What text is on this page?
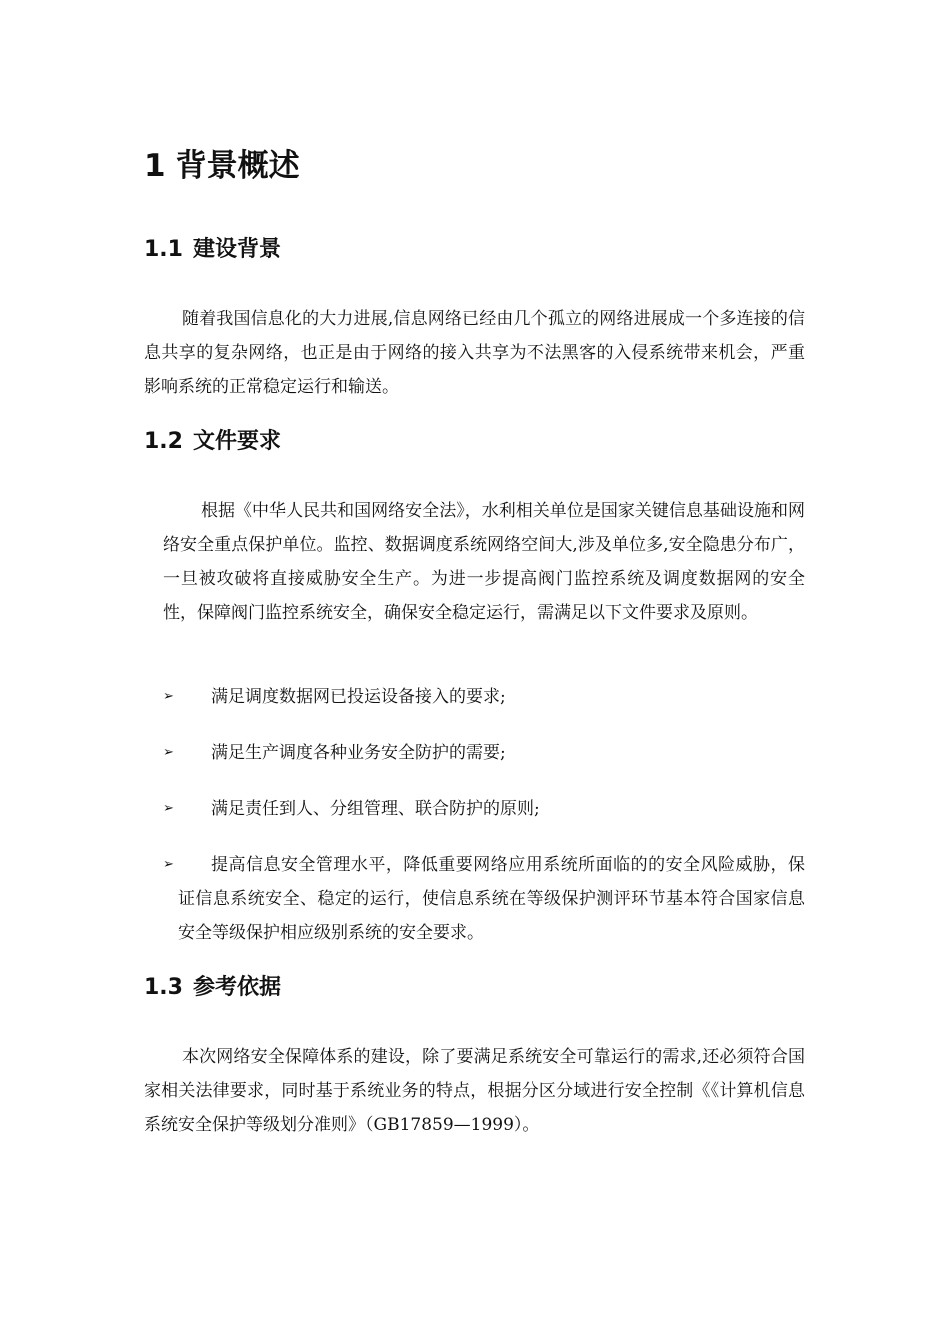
1 背景概述
1.1 建设背景

随着我国信息化的大力进展,信息网络已经由几个孤立的网络进展成一个多连接的信息共享的复杂网络，也正是由于网络的接入共享为不法黑客的入侵系统带来机会，严重影响系统的正常稳定运行和输送。

1.2 文件要求

根据《中华人民共和国网络安全法》，水利相关单位是国家关键信息基础设施和网络安全重点保护单位。监控、数据调度系统网络空间大,涉及单位多,安全隐患分布广，一旦被攻破将直接威胁安全生产。为进一步提高阀门监控系统及调度数据网的安全性，保障阀门监控系统安全，确保安全稳定运行，需满足以下文件要求及原则。

➢	满足调度数据网已投运设备接入的要求;
➢	满足生产调度各种业务安全防护的需要;
➢	满足责任到人、分组管理、联合防护的原则;
➢	提高信息安全管理水平，降低重要网络应用系统所面临的的安全风险威胁，保证信息系统安全、稳定的运行，使信息系统在等级保护测评环节基本符合国家信息安全等级保护相应级别系统的安全要求。
1.3 参考依据

本次网络安全保障体系的建设，除了要满足系统安全可靠运行的需求,还必须符合国家相关法律要求，同时基于系统业务的特点，根据分区分域进行安全控制《《计算机信息系统安全保护等级划分准则》（GB17859—1999）。
